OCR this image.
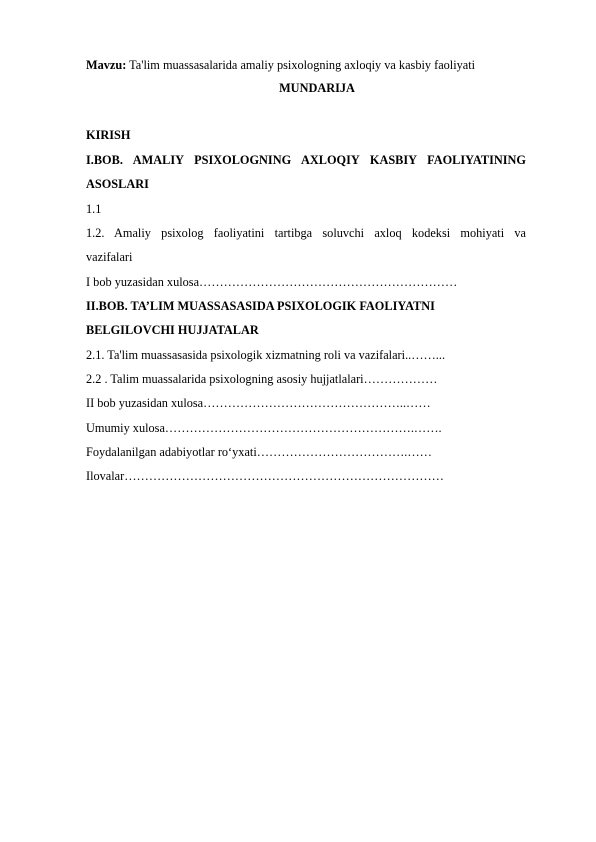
Mavzu: Ta'lim muassasalarida amaliy psixologning axloqiy va kasbiy faoliyati
MUNDARIJA
KIRISH
I.BOB. AMALIY PSIXOLOGNING AXLOQIY KASBIY FAOLIYATINING
ASOSLARI
1.1
1.2. Amaliy psixolog faoliyatini tartibga soluvchi axloq kodeksi mohiyati va
vazifalari
I bob yuzasidan xulosa………………………………………………………
II.BOB. TA’LIM MUASSASASIDA PSIXOLOGIK FAOLIYATNI
BELGILOVCHI HUJJATALAR
2.1. Ta'lim muassasasida psixologik xizmatning roli va vazifalari..……...
2.2 . Talim muassalarida psixologning asosiy hujjatlalari………………
II bob yuzasidan xulosa…………………………………………..……
Umumiy xulosa…………………………………………………….…….
Foydalanilgan adabiyotlar ro‘yxati……………………………….……
Ilovalar……………………………………………………………………
